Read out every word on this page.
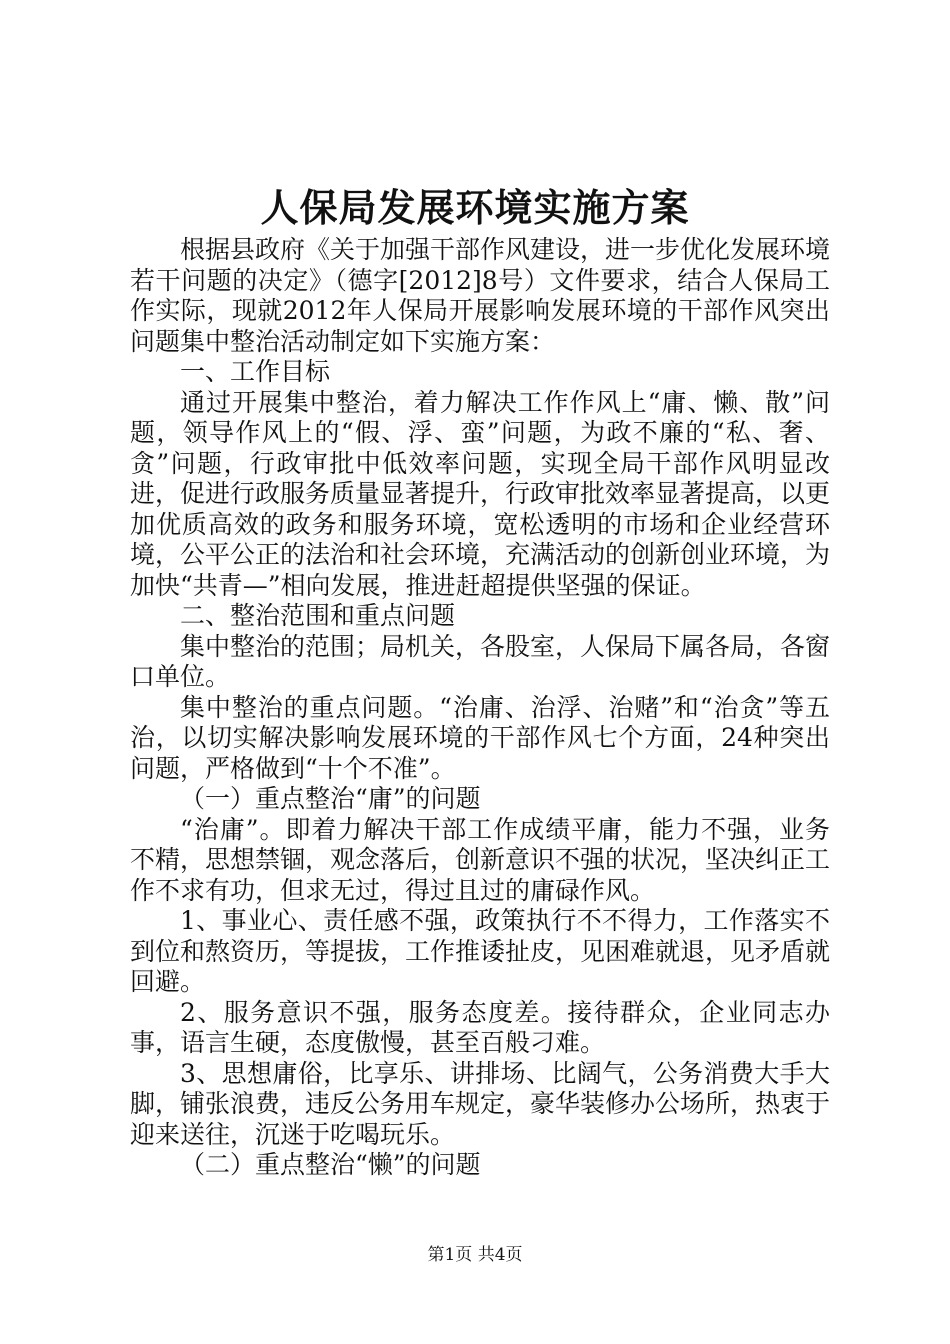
人保局发展环境实施方案

根据县政府《关于加强干部作风建设，进一步优化发展环境若干问题的决定》（德字[2012]8号）文件要求，结合人保局工作实际，现就2012年人保局开展影响发展环境的干部作风突出问题集中整治活动制定如下实施方案：

一、工作目标

通过开展集中整治，着力解决工作作风上“庸、懒、散”问题，领导作风上的“假、浮、蛮”问题，为政不廉的“私、奢、贪”问题，行政审批中低效率问题，实现全局干部作风明显改进，促进行政服务质量显著提升，行政审批效率显著提高，以更加优质高效的政务和服务环境，宽松透明的市场和企业经营环境，公平公正的法治和社会环境，充满活动的创新创业环境，为加快“共青—”相向发展，推进赶超提供坚强的保证。

二、整治范围和重点问题

集中整治的范围；局机关，各股室，人保局下属各局，各窗口单位。

集中整治的重点问题。“治庸、治浮、治赌”和“治贪”等五治，以切实解决影响发展环境的干部作风七个方面，24种突出问题，严格做到“十个不准”。

（一）重点整治“庸”的问题

“治庸”。即着力解决干部工作成绩平庸，能力不强，业务不精，思想禁锢，观念落后，创新意识不强的状况，坚决纠正工作不求有功，但求无过，得过且过的庸碌作风。

1、事业心、责任感不强，政策执行不不得力，工作落实不到位和熬资历，等提拔，工作推诿扯皮，见困难就退，见矛盾就回避。

2、服务意识不强，服务态度差。接待群众，企业同志办事，语言生硬，态度傲慢，甚至百般刁难。

3、思想庸俗，比享乐、讲排场、比阔气，公务消费大手大脚，铺张浪费，违反公务用车规定，豪华装修办公场所，热衷于迎来送往，沉迷于吃喝玩乐。

（二）重点整治“懒”的问题

第1页 共4页
